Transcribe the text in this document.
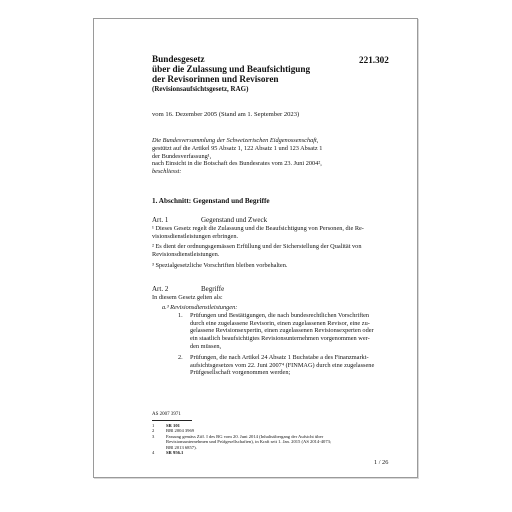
221.302
Bundesgesetz
über die Zulassung und Beaufsichtigung
der Revisorinnen und Revisoren
(Revisionsaufsichtsgesetz, RAG)
vom 16. Dezember 2005 (Stand am 1. September 2023)
Die Bundesversammlung der Schweizerischen Eidgenossenschaft,
gestützt auf die Artikel 95 Absatz 1, 122 Absatz 1 und 123 Absatz 1
der Bundesverfassung¹,
nach Einsicht in die Botschaft des Bundesrates vom 23. Juni 2004²,
beschliesst:
1. Abschnitt: Gegenstand und Begriffe
Art. 1	Gegenstand und Zweck
¹ Dieses Gesetz regelt die Zulassung und die Beaufsichtigung von Personen, die Re-
visionsdienstleistungen erbringen.
² Es dient der ordnungsgemässen Erfüllung und der Sicherstellung der Qualität von
Revisionsdienstleistungen.
³ Spezialgesetzliche Vorschriften bleiben vorbehalten.
Art. 2	Begriffe
In diesem Gesetz gelten als:
a.³ Revisionsdienstleistungen:
1. Prüfungen und Bestätigungen, die nach bundesrechtlichen Vorschriften
durch eine zugelassene Revisorin, einen zugelassenen Revisor, eine zu-
gelassene Revisionsexpertin, einen zugelassenen Revisionsexperten oder
ein staatlich beaufsichtigtes Revisionsunternehmen vorgenommen wer-
den müssen,
2. Prüfungen, die nach Artikel 24 Absatz 1 Buchstabe a des Finanzmarkt-
aufsichtsgesetzes vom 22. Juni 2007⁴ (FINMAG) durch eine zugelassene
Prüfgesellschaft vorgenommen werden;
AS 2007 3971
1	SR 101
2	BBl 2004 3969
3	Fassung gemäss Ziff. I des BG vom 20. Juni 2014 (Inhaltsübergang der Aufsicht über
Revisionsunternehmen und Prüfgesellschaften), in Kraft seit 1. Jan. 2015 (AS 2014-4073;
BBl 2013 6857).
4	SR 956.1
1 / 26
